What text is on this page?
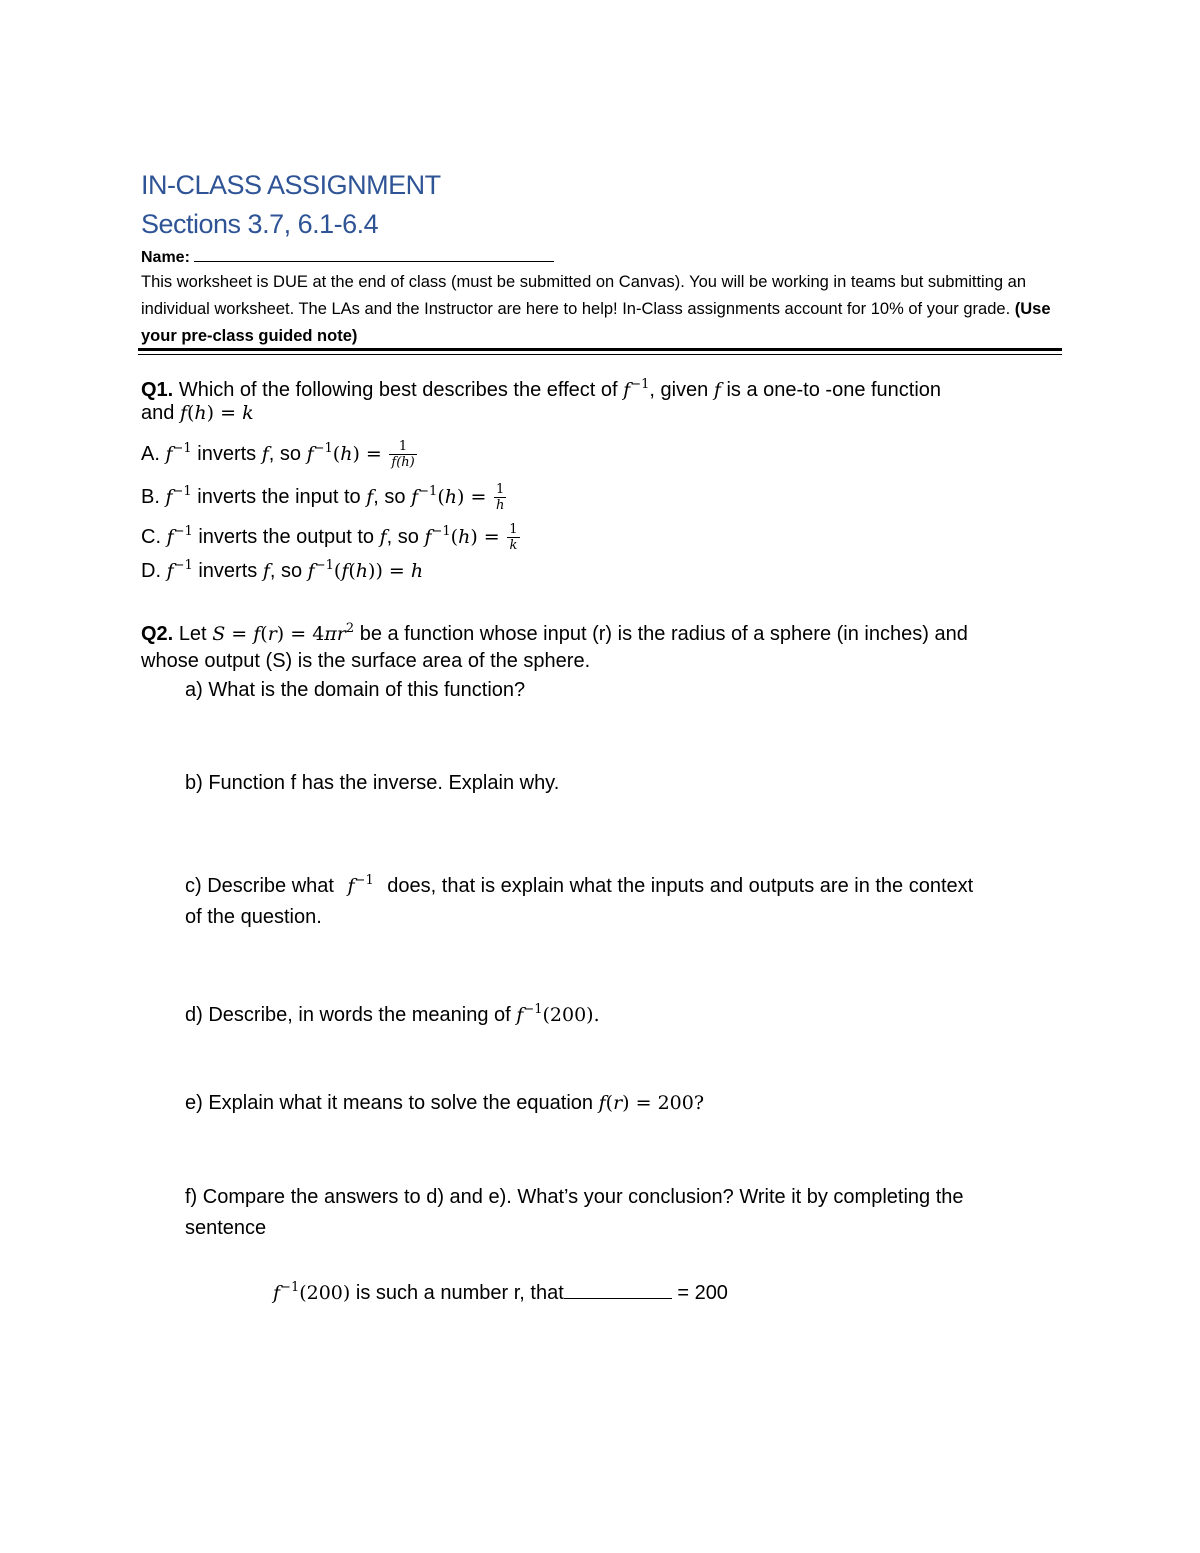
IN-CLASS ASSIGNMENT
Sections 3.7, 6.1-6.4
Name:
This worksheet is DUE at the end of class (must be submitted on Canvas). You will be working in teams but submitting an individual worksheet. The LAs and the Instructor are here to help! In-Class assignments account for 10% of your grade. (Use your pre-class guided note)
Q1. Which of the following best describes the effect of $f^{-1}$, given f is a one-to -one function
and f(h) = k
A. $f^{-1}$ inverts f, so $f^{-1}(h) = \frac{1}{f(h)}$
B. $f^{-1}$ inverts the input to f, so $f^{-1}(h) = \frac{1}{h}$
C. $f^{-1}$ inverts the output to f, so $f^{-1}(h) = \frac{1}{k}$
D. $f^{-1}$ inverts f, so $f^{-1}(f(h)) = h$
Q2. Let $S = f(r) = 4\pi r^2$ be a function whose input (r) is the radius of a sphere (in inches) and
whose output (S) is the surface area of the sphere.
a) What is the domain of this function?
b) Function f has the inverse. Explain why.
c) Describe what $f^{-1}$ does, that is explain what the inputs and outputs are in the context
of the question.
d) Describe, in words the meaning of $f^{-1}(200)$.
e) Explain what it means to solve the equation f(r) = 200?
f) Compare the answers to d) and e). What’s your conclusion? Write it by completing the
sentence
$f^{-1}(200)$ is such a number r, that	= 200
